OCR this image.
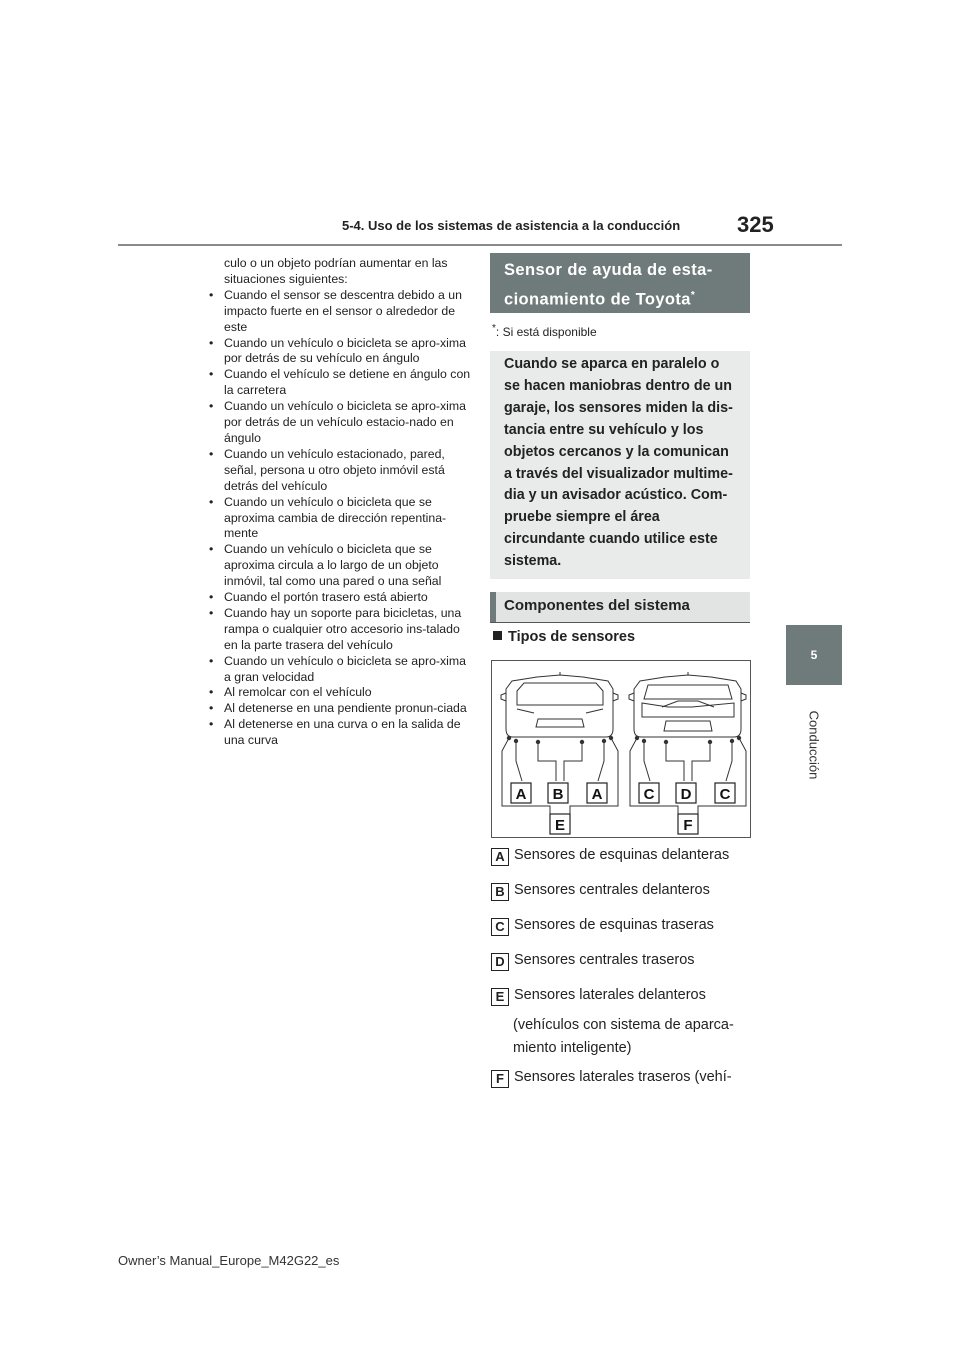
5-4. Uso de los sistemas de asistencia a la conducción	325
5
Conducción

culo o un objeto podrían aumentar en las situaciones siguientes:

• Cuando el sensor se descentra debido a un impacto fuerte en el sensor o alrededor de este
• Cuando un vehículo o bicicleta se apro-xima por detrás de su vehículo en ángulo
• Cuando el vehículo se detiene en ángulo con la carretera
• Cuando un vehículo o bicicleta se apro-xima por detrás de un vehículo estacio-nado en ángulo
• Cuando un vehículo estacionado, pared, señal, persona u otro objeto inmóvil está detrás del vehículo
• Cuando un vehículo o bicicleta que se aproxima cambia de dirección repentina-mente
• Cuando un vehículo o bicicleta que se aproxima circula a lo largo de un objeto inmóvil, tal como una pared o una señal
• Cuando el portón trasero está abierto
• Cuando hay un soporte para bicicletas, una rampa o cualquier otro accesorio ins-talado en la parte trasera del vehículo
• Cuando un vehículo o bicicleta se apro-xima a gran velocidad
• Al remolcar con el vehículo
• Al detenerse en una pendiente pronun-ciada
• Al detenerse en una curva o en la salida de una curva
Sensor de ayuda de esta-cionamiento de Toyota*
*: Si está disponible
Cuando se aparca en paralelo o se hacen maniobras dentro de un garaje, los sensores miden la dis-tancia entre su vehículo y los objetos cercanos y la comunican a través del visualizador multime-dia y un avisador acústico. Com-pruebe siempre el área circundante cuando utilice este sistema.
Componentes del sistema
Tipos de sensores
A B A	C D C
E	F
A Sensores de esquinas delanteras
B Sensores centrales delanteros
C Sensores de esquinas traseras
D Sensores centrales traseros
E Sensores laterales delanteros
(vehículos con sistema de aparca-
miento inteligente)
F Sensores laterales traseros (vehí-
Owner’s Manual_Europe_M42G22_es
